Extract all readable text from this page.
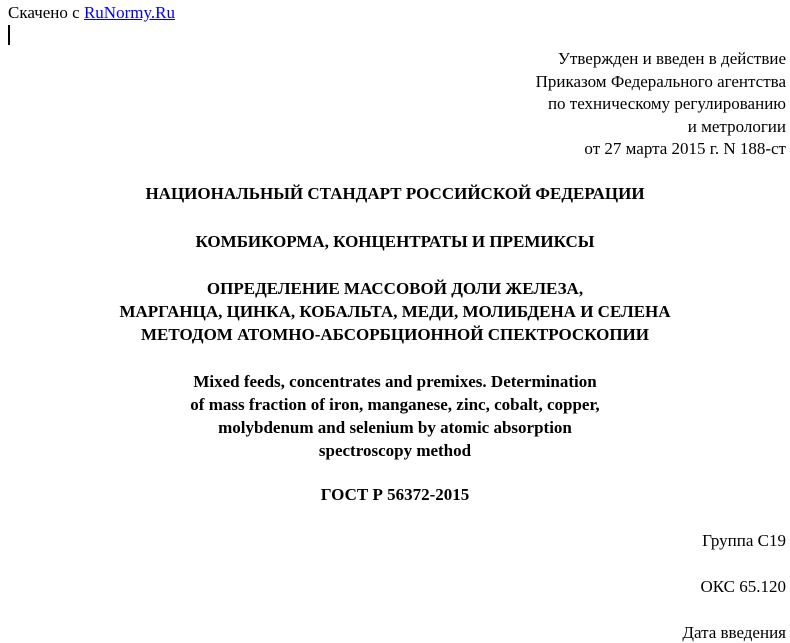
Скачено с RuNormy.Ru
Утвержден и введен в действие
Приказом Федерального агентства
по техническому регулированию
и метрологии
от 27 марта 2015 г. N 188-ст
НАЦИОНАЛЬНЫЙ СТАНДАРТ РОССИЙСКОЙ ФЕДЕРАЦИИ
КОМБИКОРМА, КОНЦЕНТРАТЫ И ПРЕМИКСЫ
ОПРЕДЕЛЕНИЕ МАССОВОЙ ДОЛИ ЖЕЛЕЗА,
МАРГАНЦА, ЦИНКА, КОБАЛЬТА, МЕДИ, МОЛИБДЕНА И СЕЛЕНА
МЕТОДОМ АТОМНО-АБСОРБЦИОННОЙ СПЕКТРОСКОПИИ
Mixed feeds, concentrates and premixes. Determination
of mass fraction of iron, manganese, zinc, cobalt, copper,
molybdenum and selenium by atomic absorption
spectroscopy method
ГОСТ Р 56372-2015
Группа С19
ОКС 65.120
Дата введения
